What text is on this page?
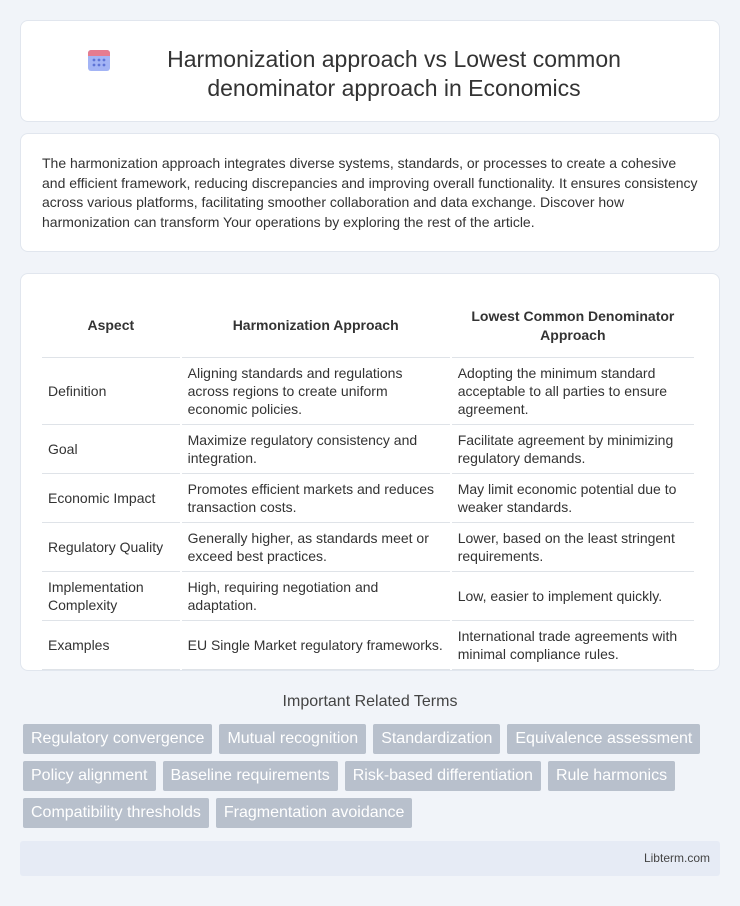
Harmonization approach vs Lowest common denominator approach in Economics

The harmonization approach integrates diverse systems, standards, or processes to create a cohesive and efficient framework, reducing discrepancies and improving overall functionality. It ensures consistency across various platforms, facilitating smoother collaboration and data exchange. Discover how harmonization can transform Your operations by exploring the rest of the article.

Aspect	Harmonization Approach	Lowest Common Denominator Approach
Definition	Aligning standards and regulations across regions to create uniform economic policies.	Adopting the minimum standard acceptable to all parties to ensure agreement.
Goal	Maximize regulatory consistency and integration.	Facilitate agreement by minimizing regulatory demands.
Economic Impact	Promotes efficient markets and reduces transaction costs.	May limit economic potential due to weaker standards.
Regulatory Quality	Generally higher, as standards meet or exceed best practices.	Lower, based on the least stringent requirements.
Implementation Complexity	High, requiring negotiation and adaptation.	Low, easier to implement quickly.
Examples	EU Single Market regulatory frameworks.	International trade agreements with minimal compliance rules.
Important Related Terms
Regulatory convergence	Mutual recognition	Standardization	Equivalence assessment
Policy alignment	Baseline requirements	Risk-based differentiation	Rule harmonics
Compatibility thresholds	Fragmentation avoidance
Libterm.com
